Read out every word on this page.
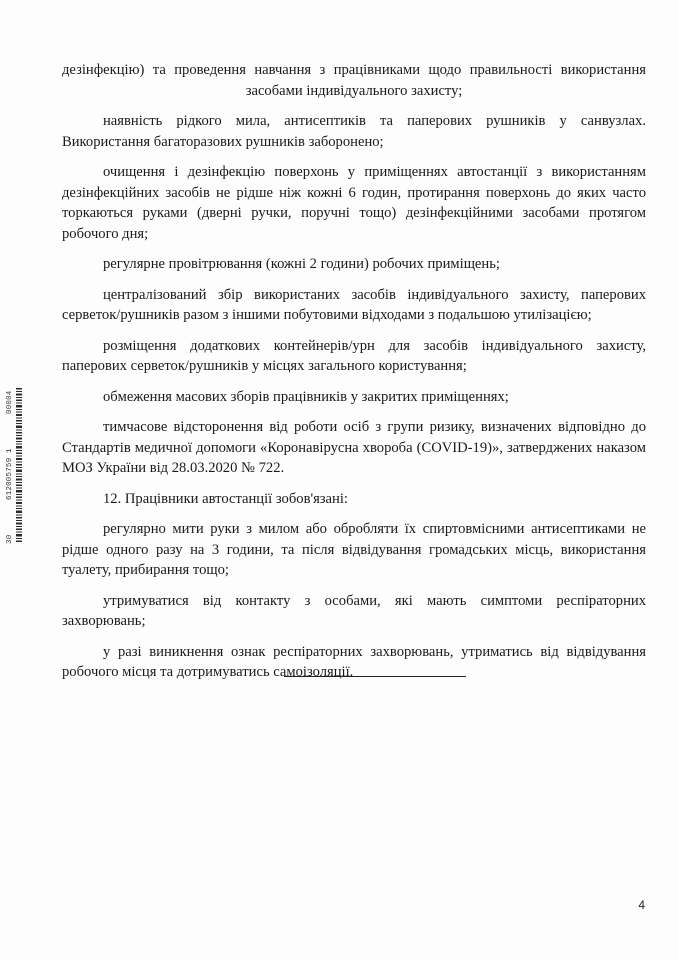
дезінфекцію) та проведення навчання з працівниками щодо правильності використання засобами індивідуального захисту;

наявність рідкого мила, антисептиків та паперових рушників у санвузлах. Використання багаторазових рушників заборонено;

очищення і дезінфекцію поверхонь у приміщеннях автостанції з використанням дезінфекційних засобів не рідше ніж кожні 6 годин, протирання поверхонь до яких часто торкаються руками (дверні ручки, поручні тощо) дезінфекційними засобами протягом робочого дня;

регулярне провітрювання (кожні 2 години) робочих приміщень;

централізований збір використаних засобів індивідуального захисту, паперових серветок/рушників разом з іншими побутовими відходами з подальшою утилізацією;

розміщення додаткових контейнерів/урн для засобів індивідуального захисту, паперових серветок/рушників у місцях загального користування;

обмеження масових зборів працівників у закритих приміщеннях;

тимчасове відсторонення від роботи осіб з групи ризику, визначених відповідно до Стандартів медичної допомоги «Коронавірусна хвороба (COVID-19)», затверджених наказом МОЗ України від 28.03.2020 № 722.

12. Працівники автостанції зобов'язані:

регулярно мити руки з милом або обробляти їх спиртовмісними антисептиками не рідше одного разу на 3 години, та після відвідування громадських місць, використання туалету, прибирання тощо;

утримуватися від контакту з особами, які мають симптоми респіраторних захворювань;

у разі виникнення ознак респіраторних захворювань, утриматись від відвідування робочого місця та дотримуватись самоізоляції.

30
612005759 1
00004
4
